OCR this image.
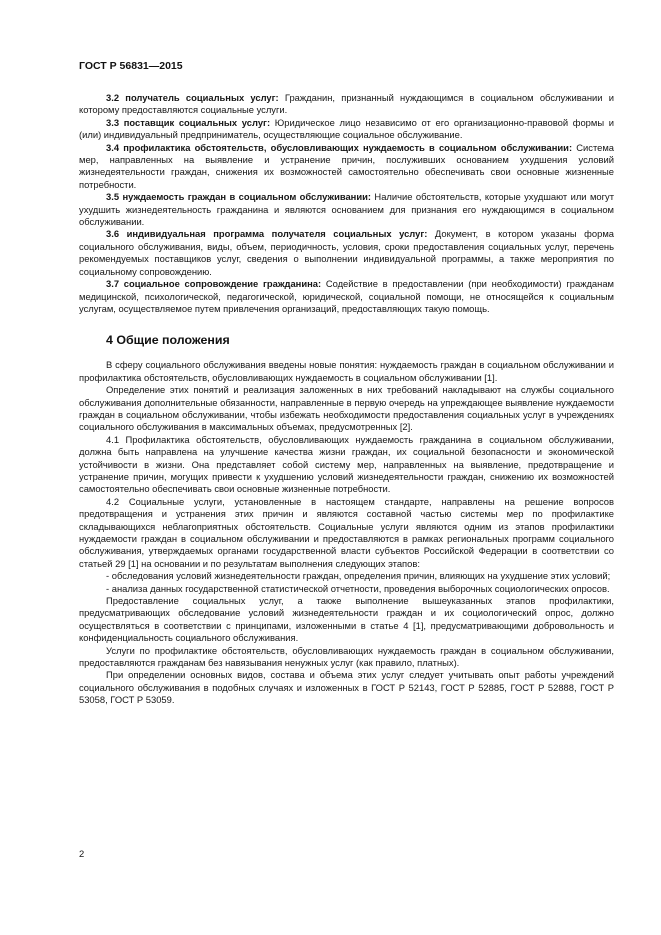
ГОСТ Р 56831—2015

3.2 получатель социальных услуг: Гражданин, признанный нуждающимся в социальном обслуживании и которому предоставляются социальные услуги.

3.3 поставщик социальных услуг: Юридическое лицо независимо от его организационно-правовой формы и (или) индивидуальный предприниматель, осуществляющие социальное обслуживание.

3.4 профилактика обстоятельств, обусловливающих нуждаемость в социальном обслуживании: Система мер, направленных на выявление и устранение причин, послуживших основанием ухудшения условий жизнедеятельности граждан, снижения их возможностей самостоятельно обеспечивать свои основные жизненные потребности.

3.5 нуждаемость граждан в социальном обслуживании: Наличие обстоятельств, которые ухудшают или могут ухудшить жизнедеятельность гражданина и являются основанием для признания его нуждающимся в социальном обслуживании.

3.6 индивидуальная программа получателя социальных услуг: Документ, в котором указаны форма социального обслуживания, виды, объем, периодичность, условия, сроки предоставления социальных услуг, перечень рекомендуемых поставщиков услуг, сведения о выполнении индивидуальной программы, а также мероприятия по социальному сопровождению.

3.7 социальное сопровождение гражданина: Содействие в предоставлении (при необходимости) гражданам медицинской, психологической, педагогической, юридической, социальной помощи, не относящейся к социальным услугам, осуществляемое путем привлечения организаций, предоставляющих такую помощь.

4 Общие положения

В сферу социального обслуживания введены новые понятия: нуждаемость граждан в социальном обслуживании и профилактика обстоятельств, обусловливающих нуждаемость в социальном обслуживании [1].

Определение этих понятий и реализация заложенных в них требований накладывают на службы социального обслуживания дополнительные обязанности, направленные в первую очередь на упреждающее выявление нуждаемости граждан в социальном обслуживании, чтобы избежать необходимости предоставления социальных услуг в учреждениях социального обслуживания в максимальных объемах, предусмотренных [2].

4.1 Профилактика обстоятельств, обусловливающих нуждаемость гражданина в социальном обслуживании, должна быть направлена на улучшение качества жизни граждан, их социальной безопасности и экономической устойчивости в жизни. Она представляет собой систему мер, направленных на выявление, предотвращение и устранение причин, могущих привести к ухудшению условий жизнедеятельности граждан, снижению их возможностей самостоятельно обеспечивать свои основные жизненные потребности.

4.2 Социальные услуги, установленные в настоящем стандарте, направлены на решение вопросов предотвращения и устранения этих причин и являются составной частью системы мер по профилактике складывающихся неблагоприятных обстоятельств. Социальные услуги являются одним из этапов профилактики нуждаемости граждан в социальном обслуживании и предоставляются в рамках региональных программ социального обслуживания, утверждаемых органами государственной власти субъектов Российской Федерации в соответствии со статьей 29 [1] на основании и по результатам выполнения следующих этапов:

- обследования условий жизнедеятельности граждан, определения причин, влияющих на ухудшение этих условий;

- анализа данных государственной статистической отчетности, проведения выборочных социологических опросов.

Предоставление социальных услуг, а также выполнение вышеуказанных этапов профилактики, предусматривающих обследование условий жизнедеятельности граждан и их социологический опрос, должно осуществляться в соответствии с принципами, изложенными в статье 4 [1], предусматривающими добровольность и конфиденциальность социального обслуживания.

Услуги по профилактике обстоятельств, обусловливающих нуждаемость граждан в социальном обслуживании, предоставляются гражданам без навязывания ненужных услуг (как правило, платных).

При определении основных видов, состава и объема этих услуг следует учитывать опыт работы учреждений социального обслуживания в подобных случаях и изложенных в ГОСТ Р 52143, ГОСТ Р 52885, ГОСТ Р 52888, ГОСТ Р 53058, ГОСТ Р 53059.

2
